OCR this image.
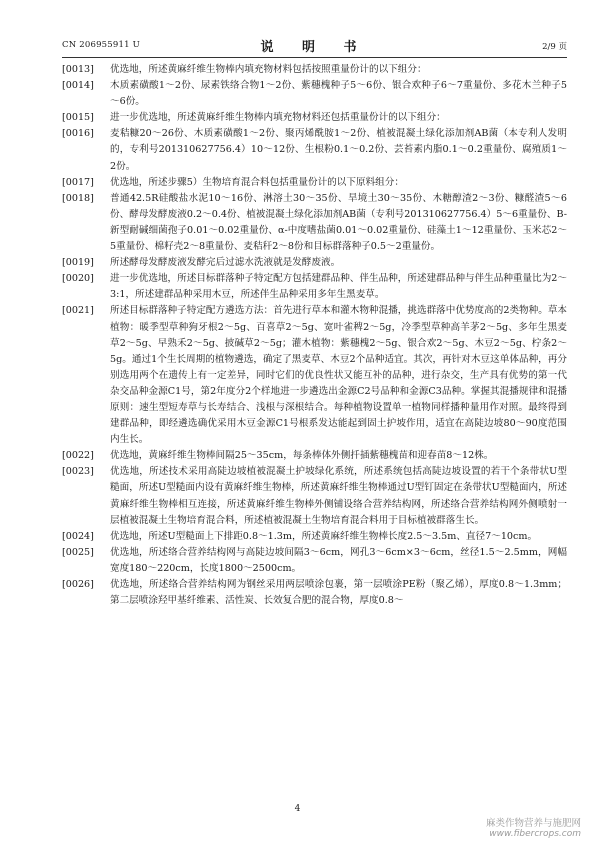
CN 206955911 U	说 明 书	2/9 页
[0013]	优选地，所述黄麻纤维生物棒内填充物材料包括按照重量份计的以下组分：
[0014]	木质素磺酸1～2份、尿素铁络合物1～2份、紫穗槐种子5～6份、银合欢种子6～7重量份、多花木兰种子5～6份。
[0015]	进一步优选地，所述黄麻纤维生物棒内填充物材料还包括重量份计的以下组分：
[0016]	麦秸糠20～26份、木质素磺酸1～2份、聚丙烯酰胺1～2份、植被混凝土绿化添加剂AB菌（本专利人发明的，专利号201310627756.4）10～12份、生根粉0.1～0.2份、芸苔素内脂0.1～0.2重量份、腐殖质1～2份。
[0017]	优选地，所述步骤5）生物培育混合料包括重量份计的以下原料组分：
[0018]	普通42.5R硅酸盐水泥10～16份、淋溶土30～35份、旱境土30～35份、木糖醇渣2～3份、糠醛渣5～6份、酵母发酵废液0.2～0.4份、植被混凝土绿化添加剂AB菌（专利号201310627756.4）5～6重量份、B-新型耐碱细菌孢子0.01～0.02重量份、α-中度嗜盐菌0.01～0.02重量份、硅藻土1～12重量份、玉米芯2～5重量份、棉籽壳2～8重量份、麦秸秆2～8份和目标群落种子0.5～2重量份。
[0019]	所述酵母发酵废液发酵完后过滤水洗液就是发酵废液。
[0020]	进一步优选地，所述目标群落种子特定配方包括建群品种、伴生品种，所述建群品种与伴生品种重量比为2～3:1，所述建群品种采用木豆，所述伴生品种采用多年生黑麦草。
[0021]	所述目标群落种子特定配方遴选方法：首先进行草本和灌木物种混播，挑选群落中优势度高的2类物种。草本植物：暖季型草种狗牙根2～5g、百喜草2～5g、宽叶雀稗2～5g，冷季型草种高羊茅2～5g、多年生黑麦草2～5g、早熟禾2～5g、披碱草2～5g；灌木植物：紫穗槐2～5g、银合欢2～5g、木豆2～5g、柠条2～5g。通过1个生长周期的植物遴选，确定了黑麦草、木豆2个品种适宜。其次，再针对木豆这单体品种，再分别选用两个在遗传上有一定差异，同时它们的优良性状又能互补的品种，进行杂交，生产具有优势的第一代杂交品种金源C1号，第2年度分2个样地进一步遴选出金源C2号品种和金源C3品种。掌握其混播规律和混播原则：速生型短寿草与长寿结合、浅根与深根结合。每种植物设置单一植物同样播种量用作对照。最终得到建群品种，即经遴选确优采用木豆金源C1号根系发达能起到固土护坡作用，适宜在高陡边坡80～90度范围内生长。
[0022]	优选地，黄麻纤维生物棒间隔25～35cm，每条棒体外侧扦插紫穗槐苗和迎春苗8～12株。
[0023]	优选地，所述技术采用高陡边坡植被混凝土护坡绿化系统，所述系统包括高陡边坡设置的若干个条带状U型糙面，所述U型糙面内设有黄麻纤维生物棒，所述黄麻纤维生物棒通过U型钉固定在条带状U型糙面内，所述黄麻纤维生物棒相互连接，所述黄麻纤维生物棒外侧铺设络合营养结构网，所述络合营养结构网外侧喷射一层植被混凝土生物培育混合料，所述植被混凝土生物培育混合料用于目标植被群落生长。
[0024]	优选地，所述U型糙面上下排距0.8～1.3m，所述黄麻纤维生物棒长度2.5～3.5m、直径7～10cm。
[0025]	优选地，所述络合营养结构网与高陡边坡间隔3～6cm，网孔3～6cm×3～6cm，丝径1.5～2.5mm，网幅宽度180～220cm，长度1800～2500cm。
[0026]	优选地，所述络合营养结构网为钢丝采用两层喷涂包裹，第一层喷涂PE粉（聚乙烯），厚度0.8～1.3mm；第二层喷涂羟甲基纤维素、活性炭、长效复合肥的混合物，厚度0.8～
4
麻类作物营养与施肥网
www.fibercrops.com
